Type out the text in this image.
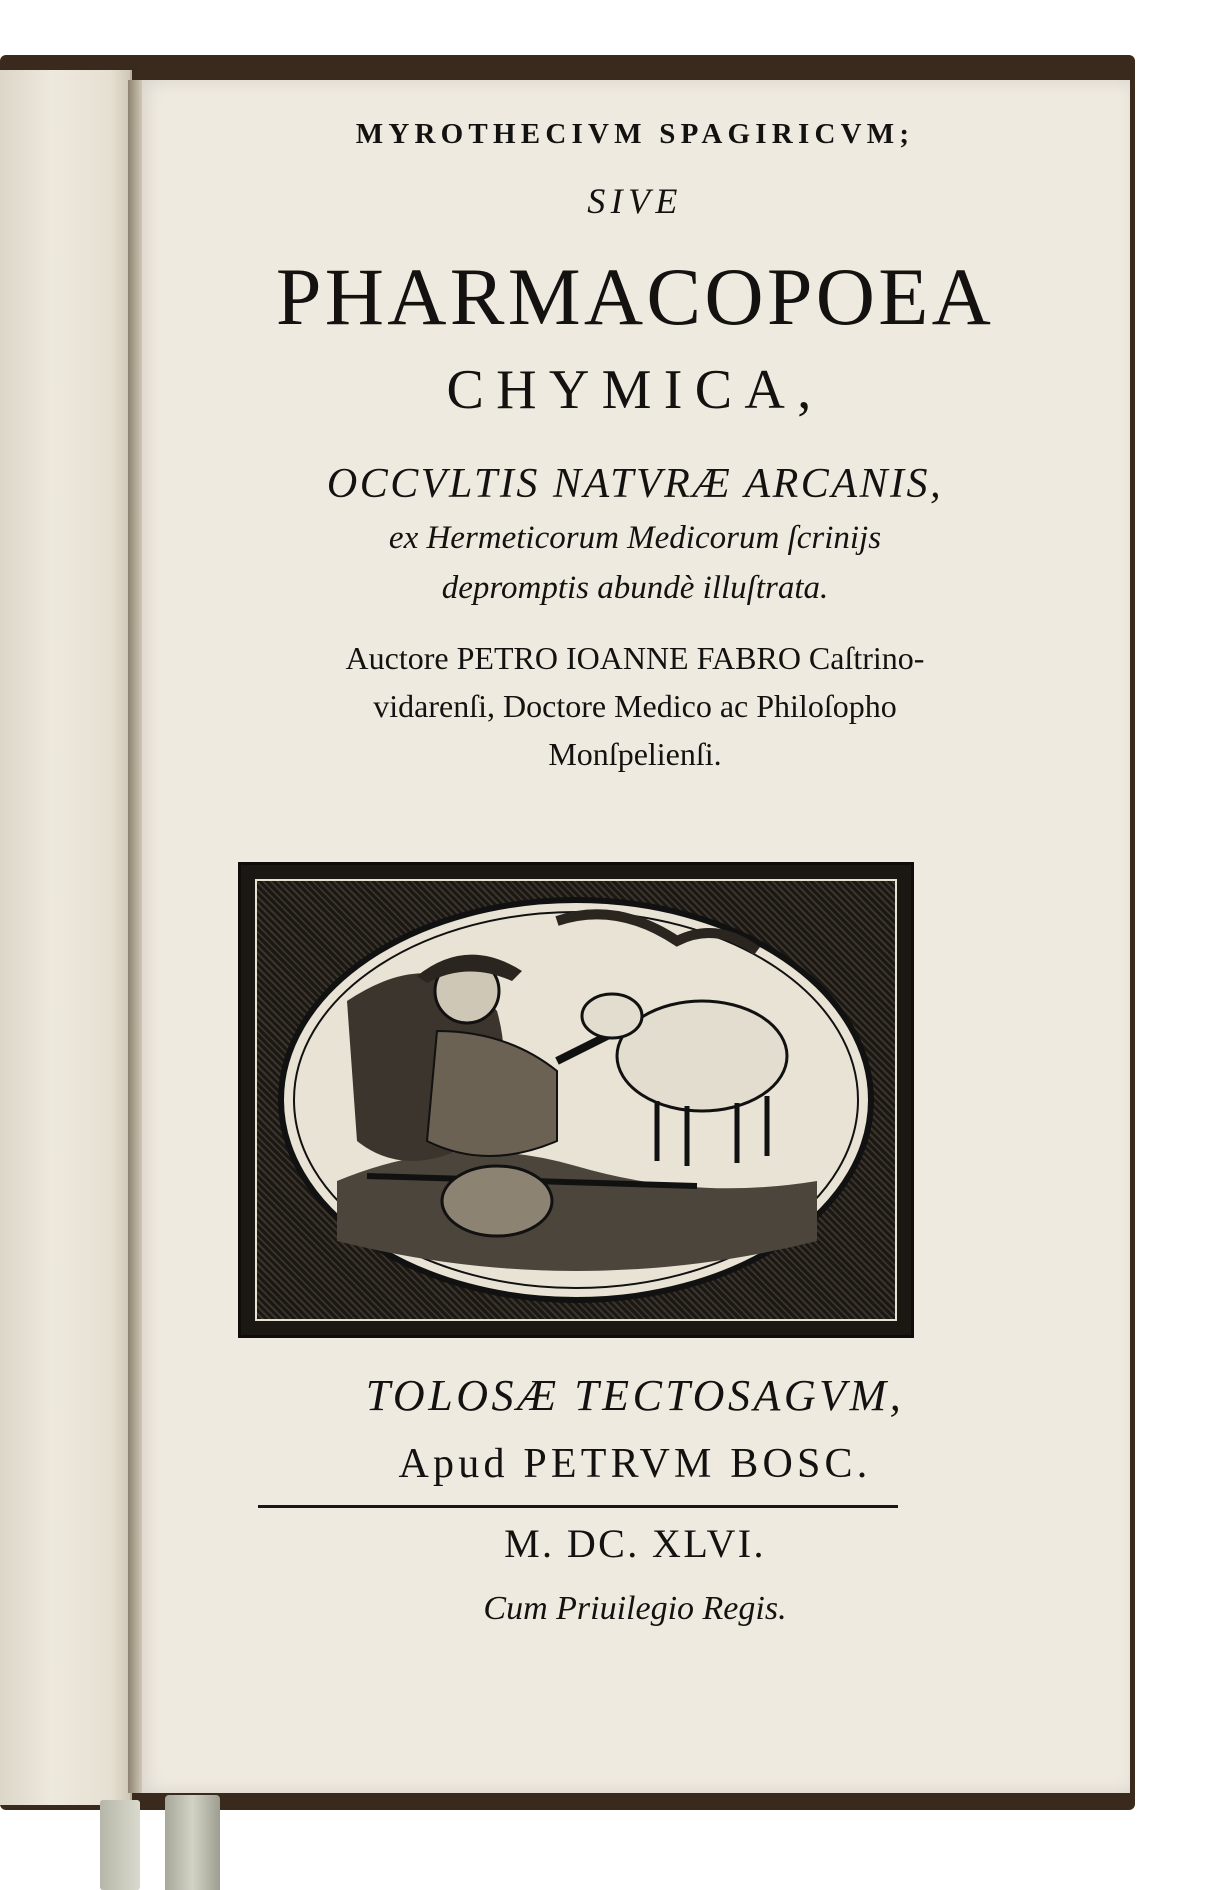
MYROTHECIVM SPAGIRICVM;
SIVE
PHARMACOPOEA
CHYMICA,
OCCVLTIS NATVRÆ ARCANIS,
ex Hermeticorum Medicorum ſcriniјs
depromptis abundè illuſtrata.
Auctore PETRO IOANNE FABRO Caſtrino-
vidarenſi, Doctore Medico ac Philoſopho
Monſpelienſi.
TOLOSÆ TECTOSAGVM,
Apud PETRVM BOSC.
M. DC. XLVI.
Cum Priuilegio Regis.
